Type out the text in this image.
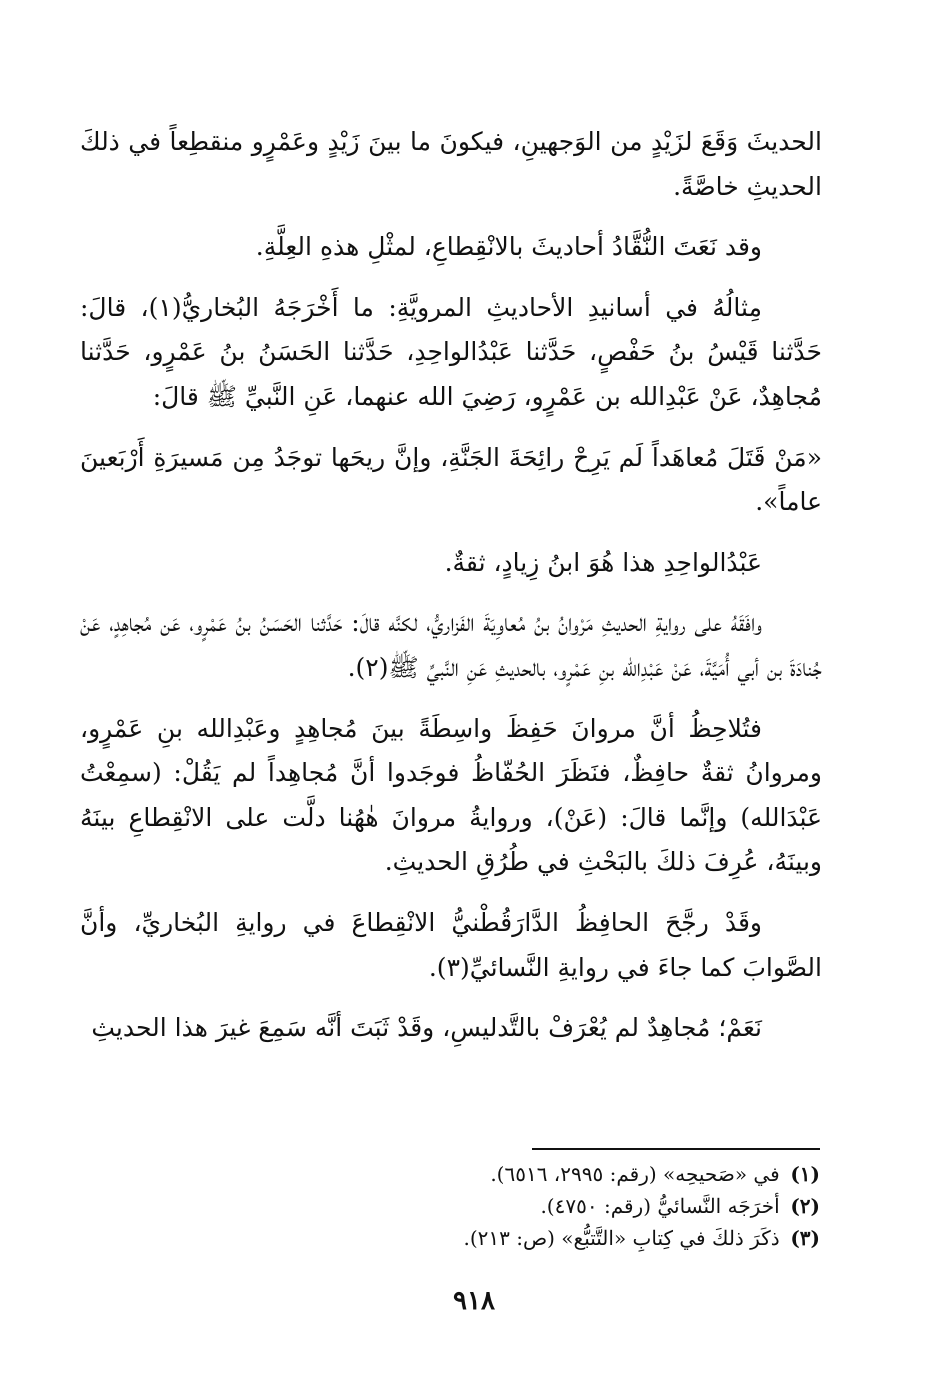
الحديثَ وَقَعَ لزَيْدٍ من الوَجهينِ، فيكونَ ما بينَ زَيْدٍ وعَمْرٍو منقطِعاً في ذلكَ الحديثِ خاصَّةً.

وقد نَعَتَ النُّقَّادُ أحاديثَ بالانْقِطاعِ، لمثْلِ هذهِ العِلَّةِ.

مِثالُهُ في أسانيدِ الأحاديثِ المرويَّةِ: ما أَخْرَجَهُ البُخاريُّ(١)، قالَ: حَدَّثنا قَيْسُ بنُ حَفْصٍ، حَدَّثنا عَبْدُالواحِدِ، حَدَّثنا الحَسَنُ بنُ عَمْرٍو، حَدَّثنا مُجاهِدٌ، عَنْ عَبْدِالله بن عَمْرٍو، رَضِيَ الله عنهما، عَنِ النَّبيِّ ﷺ قالَ:

«مَنْ قَتَلَ مُعاهَداً لَم يَرِحْ رائِحَةَ الجَنَّةِ، وإنَّ ريحَها توجَدُ مِن مَسيرَةِ أَرْبَعينَ عاماً».

عَبْدُالواحِدِ هذا هُوَ ابنُ زِيادٍ، ثقةٌ.

وافَقَهُ على روايةِ الحديثِ مَرْوانُ بنُ مُعاوِيَةَ الفَزاريُّ، لكنَّه قالَ: حَدَّثنا الحَسَنُ بنُ عَمْرٍو، عَن مُجاهِدٍ، عَنْ جُنادَةَ بن أبي أُمَيَّةَ، عَنْ عَبْدِالله بنِ عَمْرٍو، بالحديثِ عَنِ النَّبيِّ ﷺ(٢).

فتُلاحِظُ أنَّ مروانَ حَفِظَ واسِطَةً بينَ مُجاهِدٍ وعَبْدِالله بنِ عَمْرٍو، ومروانُ ثقةٌ حافِظٌ، فنَظَرَ الحُفّاظُ فوجَدوا أنَّ مُجاهِداً لم يَقُلْ: (سمِعْتُ عَبْدَالله) وإنَّما قالَ: (عَنْ)، وروايةُ مروانَ هٰهُنا دلَّت على الانْقِطاعِ بينَهُ وبينَهُ، عُرِفَ ذلكَ بالبَحْثِ في طُرُقِ الحديثِ.

وقَدْ رجَّحَ الحافِظُ الدَّارَقُطْنيُّ الانْقِطاعَ في روايةِ البُخاريِّ، وأنَّ الصَّوابَ كما جاءَ في روايةِ النَّسائيِّ(٣).

نَعَمْ؛ مُجاهِدٌ لم يُعْرَفْ بالتَّدليسِ، وقَدْ ثَبَتَ أنَّه سَمِعَ غيرَ هذا الحديثِ

(١) في «صَحيحِه» (رقم: ٢٩٩٥، ٦٥١٦).

(٢) أخرَجَه النَّسائيُّ (رقم: ٤٧٥٠).

(٣) ذكَرَ ذلكَ في كِتابِ «التَّتبُّع» (ص: ٢١٣).

٩١٨
